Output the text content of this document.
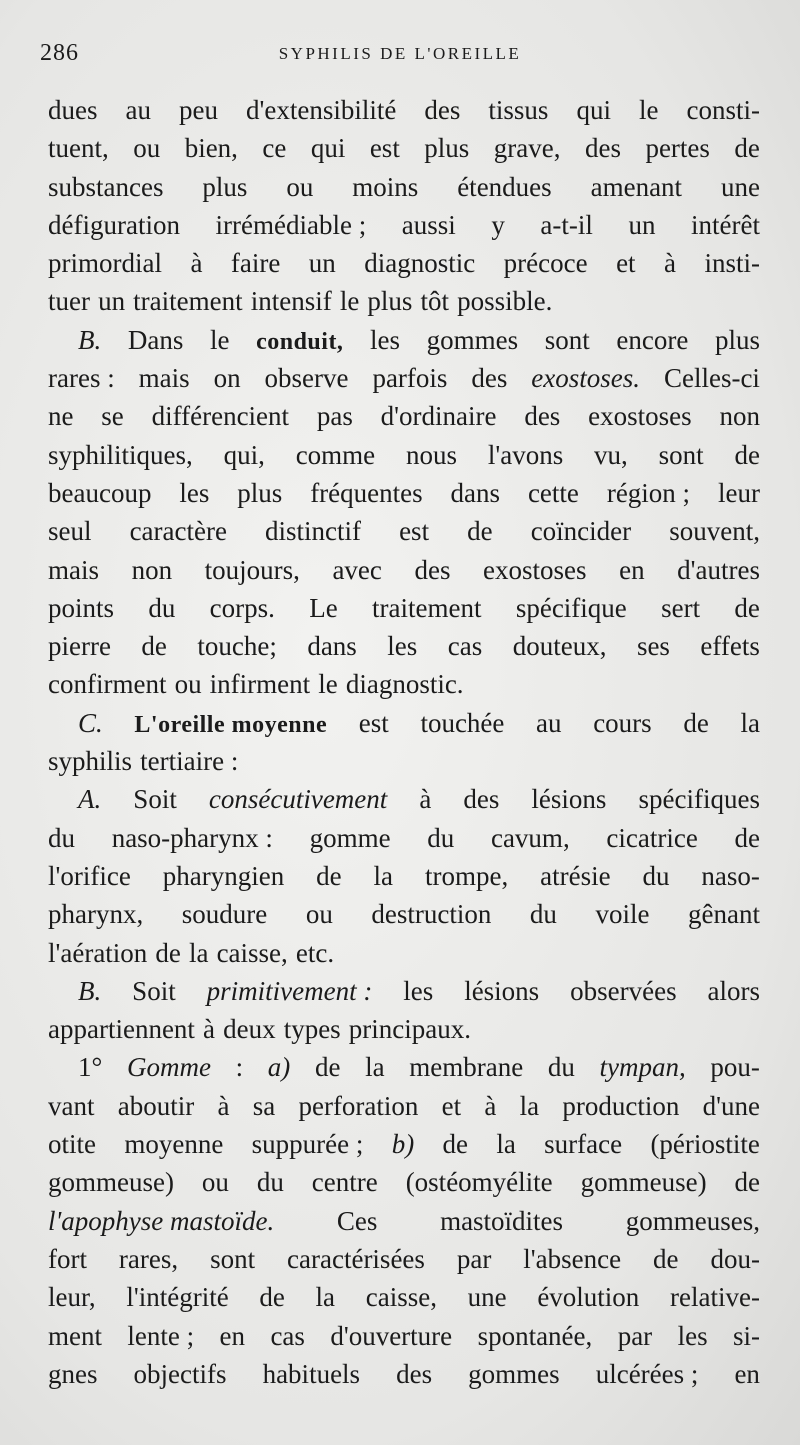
286	SYPHILIS DE L'OREILLE
dues au peu d'extensibilité des tissus qui le consti-
tuent, ou bien, ce qui est plus grave, des pertes de
substances plus ou moins étendues amenant une
défiguration irrémédiable ; aussi y a-t-il un intérêt
primordial à faire un diagnostic précoce et à insti-
tuer un traitement intensif le plus tôt possible.
B. Dans le conduit, les gommes sont encore plus
rares : mais on observe parfois des exostoses. Celles-ci
ne se différencient pas d'ordinaire des exostoses non
syphilitiques, qui, comme nous l'avons vu, sont de
beaucoup les plus fréquentes dans cette région ; leur
seul caractère distinctif est de coïncider souvent,
mais non toujours, avec des exostoses en d'autres
points du corps. Le traitement spécifique sert de
pierre de touche; dans les cas douteux, ses effets
confirment ou infirment le diagnostic.
C. L'oreille moyenne est touchée au cours de la
syphilis tertiaire :
A. Soit consécutivement à des lésions spécifiques
du naso-pharynx : gomme du cavum, cicatrice de
l'orifice pharyngien de la trompe, atrésie du naso-
pharynx, soudure ou destruction du voile gênant
l'aération de la caisse, etc.
B. Soit primitivement : les lésions observées alors
appartiennent à deux types principaux.
1° Gomme : a) de la membrane du tympan, pou-
vant aboutir à sa perforation et à la production d'une
otite moyenne suppurée ; b) de la surface (périostite
gommeuse) ou du centre (ostéomyélite gommeuse) de
l'apophyse mastoïde. Ces mastoïdites gommeuses,
fort rares, sont caractérisées par l'absence de dou-
leur, l'intégrité de la caisse, une évolution relative-
ment lente ; en cas d'ouverture spontanée, par les si-
gnes objectifs habituels des gommes ulcérées ; en
